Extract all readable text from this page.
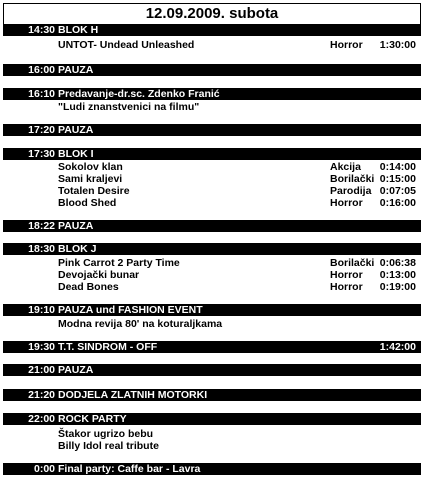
12.09.2009. subota
14:30 BLOK H
UNTOT- Undead Unleashed	Horror	1:30:00
16:00 PAUZA
16:10 Predavanje-dr.sc. Zdenko Franić
"Ludi znanstvenici na filmu"
17:20 PAUZA
17:30 BLOK I
Sokolov klan	Akcija	0:14:00
Sami kraljevi	Borilački 0:15:00
Totalen Desire	Parodija 0:07:05
Blood Shed	Horror	0:16:00
18:22 PAUZA
18:30 BLOK J
Pink Carrot 2 Party Time	Borilački 0:06:38
Devojački bunar	Horror	0:13:00
Dead Bones	Horror	0:19:00
19:10 PAUZA und FASHION EVENT
Modna revija 80' na koturaljkama
19:30 T.T. SINDROM - OFF	1:42:00
21:00 PAUZA
21:20 DODJELA ZLATNIH MOTORKI
22:00 ROCK PARTY
Štakor ugrizo bebu
Billy Idol real tribute
0:00 Final party: Caffe bar - Lavra
